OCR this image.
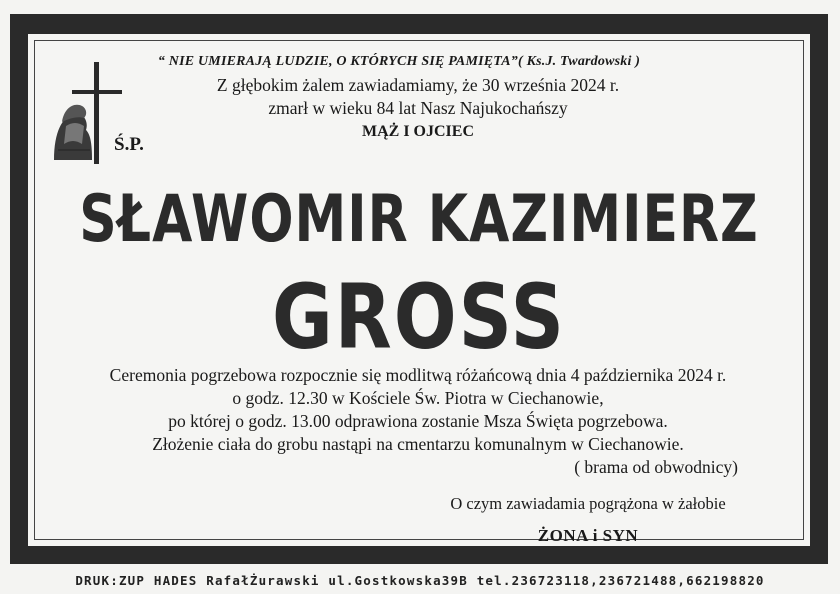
“ NIE UMIERAJĄ LUDZIE, O KTÓRYCH SIĘ PAMIĘTA”( Ks.J. Twardowski )
Ś.P.
Z głębokim żalem zawiadamiamy, że 30 września 2024 r.
zmarł w wieku 84 lat Nasz Najukochańszy
MĄŻ I OJCIEC
SŁAWOMIR KAZIMIERZ
GROSS
Ceremonia pogrzebowa rozpocznie się modlitwą różańcową dnia 4 października 2024 r.
o godz. 12.30 w Kościele Św. Piotra w Ciechanowie,
po której o godz. 13.00 odprawiona zostanie Msza Święta pogrzebowa.
Złożenie ciała do grobu nastąpi na cmentarzu komunalnym w Ciechanowie.
( brama od obwodnicy)
O czym zawiadamia pogrążona w żałobie
ŻONA i SYN
DRUK:ZUP HADES RafałŻurawski ul.Gostkowska39B tel.236723118,236721488,662198820
